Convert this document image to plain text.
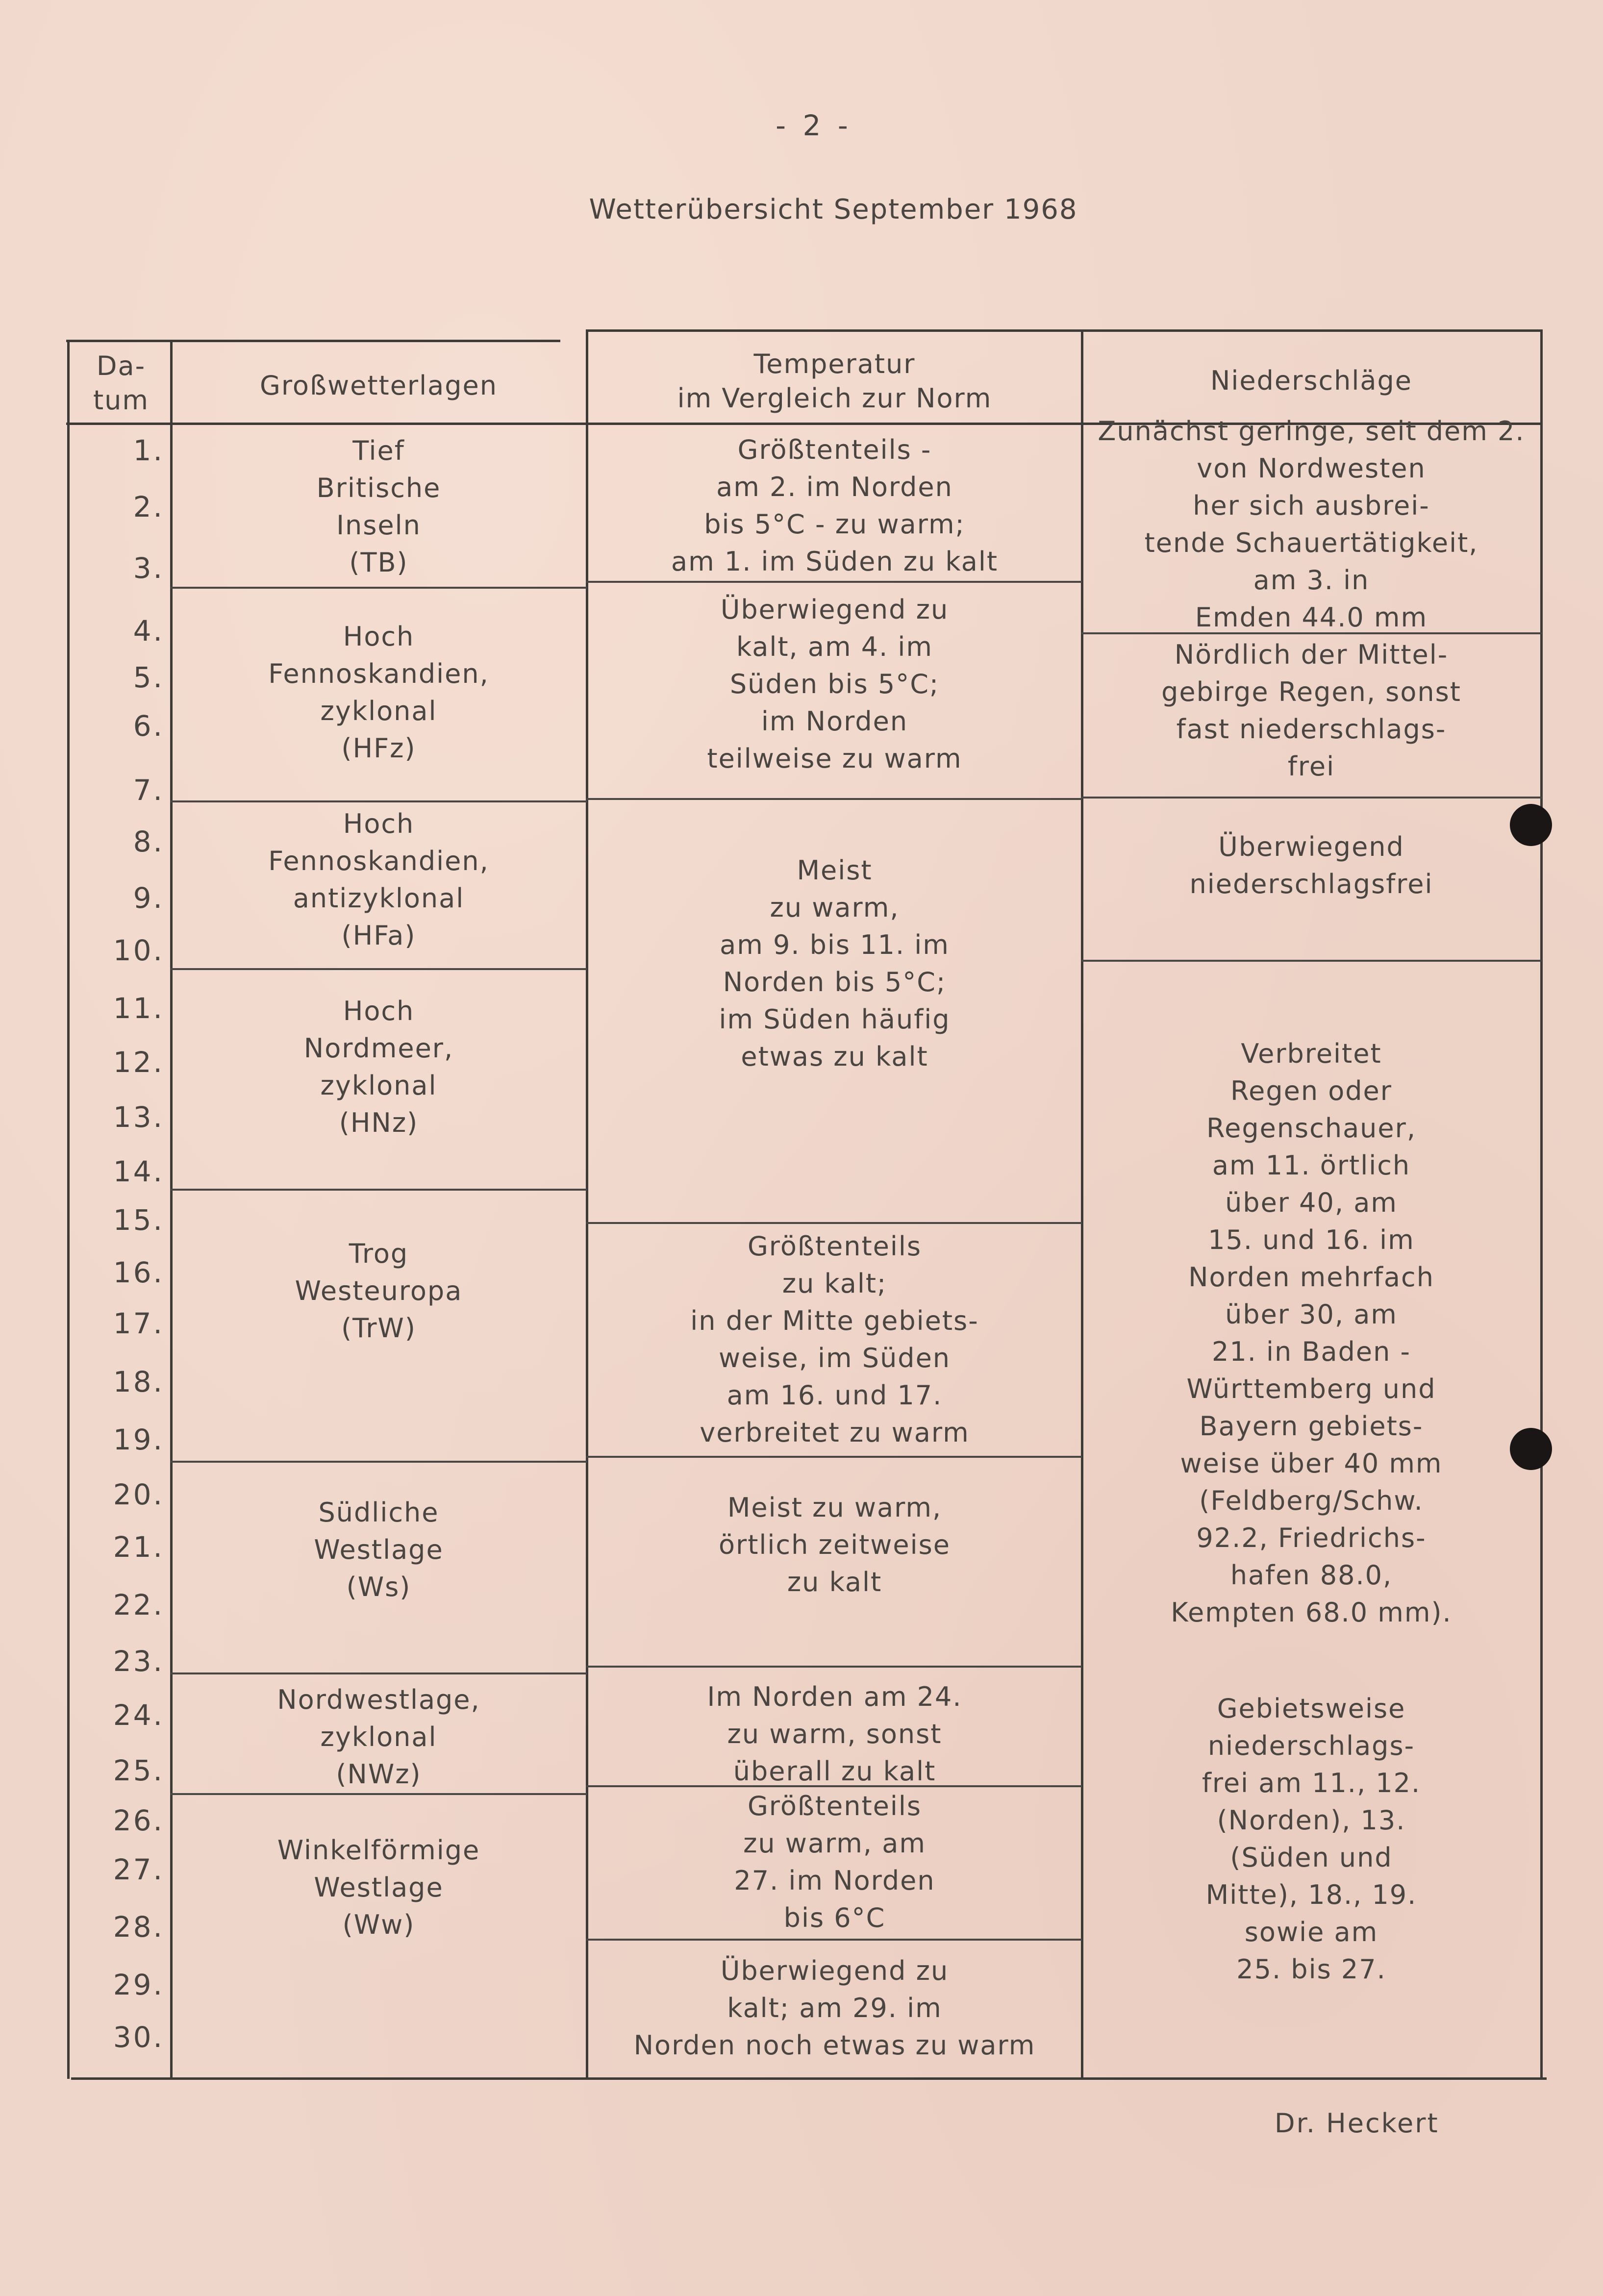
- 2 -
Wetterübersicht September 1968
Da-
tum	Großwetterlagen
Temperatur
im Vergleich zur Norm
Niederschläge
1.
2.
3.
4.
5.
6.
7.
8.
9.
10.
11.
12.
13.
14.
15.
16.
17.
18.
19.
20.
21.
22.
23.
24.
25.
26.
27.
28.
29.
30.
Tief
Britische
Inseln
(TB)
Hoch
Fennoskandien,
zyklonal
(HFz)
Hoch
Fennoskandien,
antizyklonal
(HFa)
Hoch
Nordmeer,
zyklonal
(HNz)
Trog
Westeuropa
(TrW)
Südliche
Westlage
(Ws)
Nordwestlage,
zyklonal
(NWz)
Winkelförmige
Westlage
(Ww)
Größtenteils -
am 2. im Norden
bis 5°C - zu warm;
am 1. im Süden zu kalt
Überwiegend zu
kalt, am 4. im
Süden bis 5°C;
im Norden
teilweise zu warm
Meist
zu warm,
am 9. bis 11. im
Norden bis 5°C;
im Süden häufig
etwas zu kalt
Größtenteils
zu kalt;
in der Mitte gebiets-
weise, im Süden
am 16. und 17.
verbreitet zu warm
Meist zu warm,
örtlich zeitweise
zu kalt
Im Norden am 24.
zu warm, sonst
überall zu kalt
Größtenteils
zu warm, am
27. im Norden
bis 6°C
Überwiegend zu
kalt; am 29. im
Norden noch etwas zu warm
Zunächst geringe, seit dem 2.
von Nordwesten
her sich ausbrei-
tende Schauertätigkeit,
am 3. in
Emden 44.0 mm
Nördlich der Mittel-
gebirge Regen, sonst
fast niederschlags-
frei
Überwiegend
niederschlagsfrei
Verbreitet
Regen oder
Regenschauer,
am 11. örtlich
über 40, am
15. und 16. im
Norden mehrfach
über 30, am
21. in Baden -
Württemberg und
Bayern gebiets-
weise über 40 mm
(Feldberg/Schw.
92.2, Friedrichs-
hafen 88.0,
Kempten 68.0 mm).
Gebietsweise
niederschlags-
frei am 11., 12.
(Norden), 13.
(Süden und
Mitte), 18., 19.
sowie am
25. bis 27.
Dr. Heckert
